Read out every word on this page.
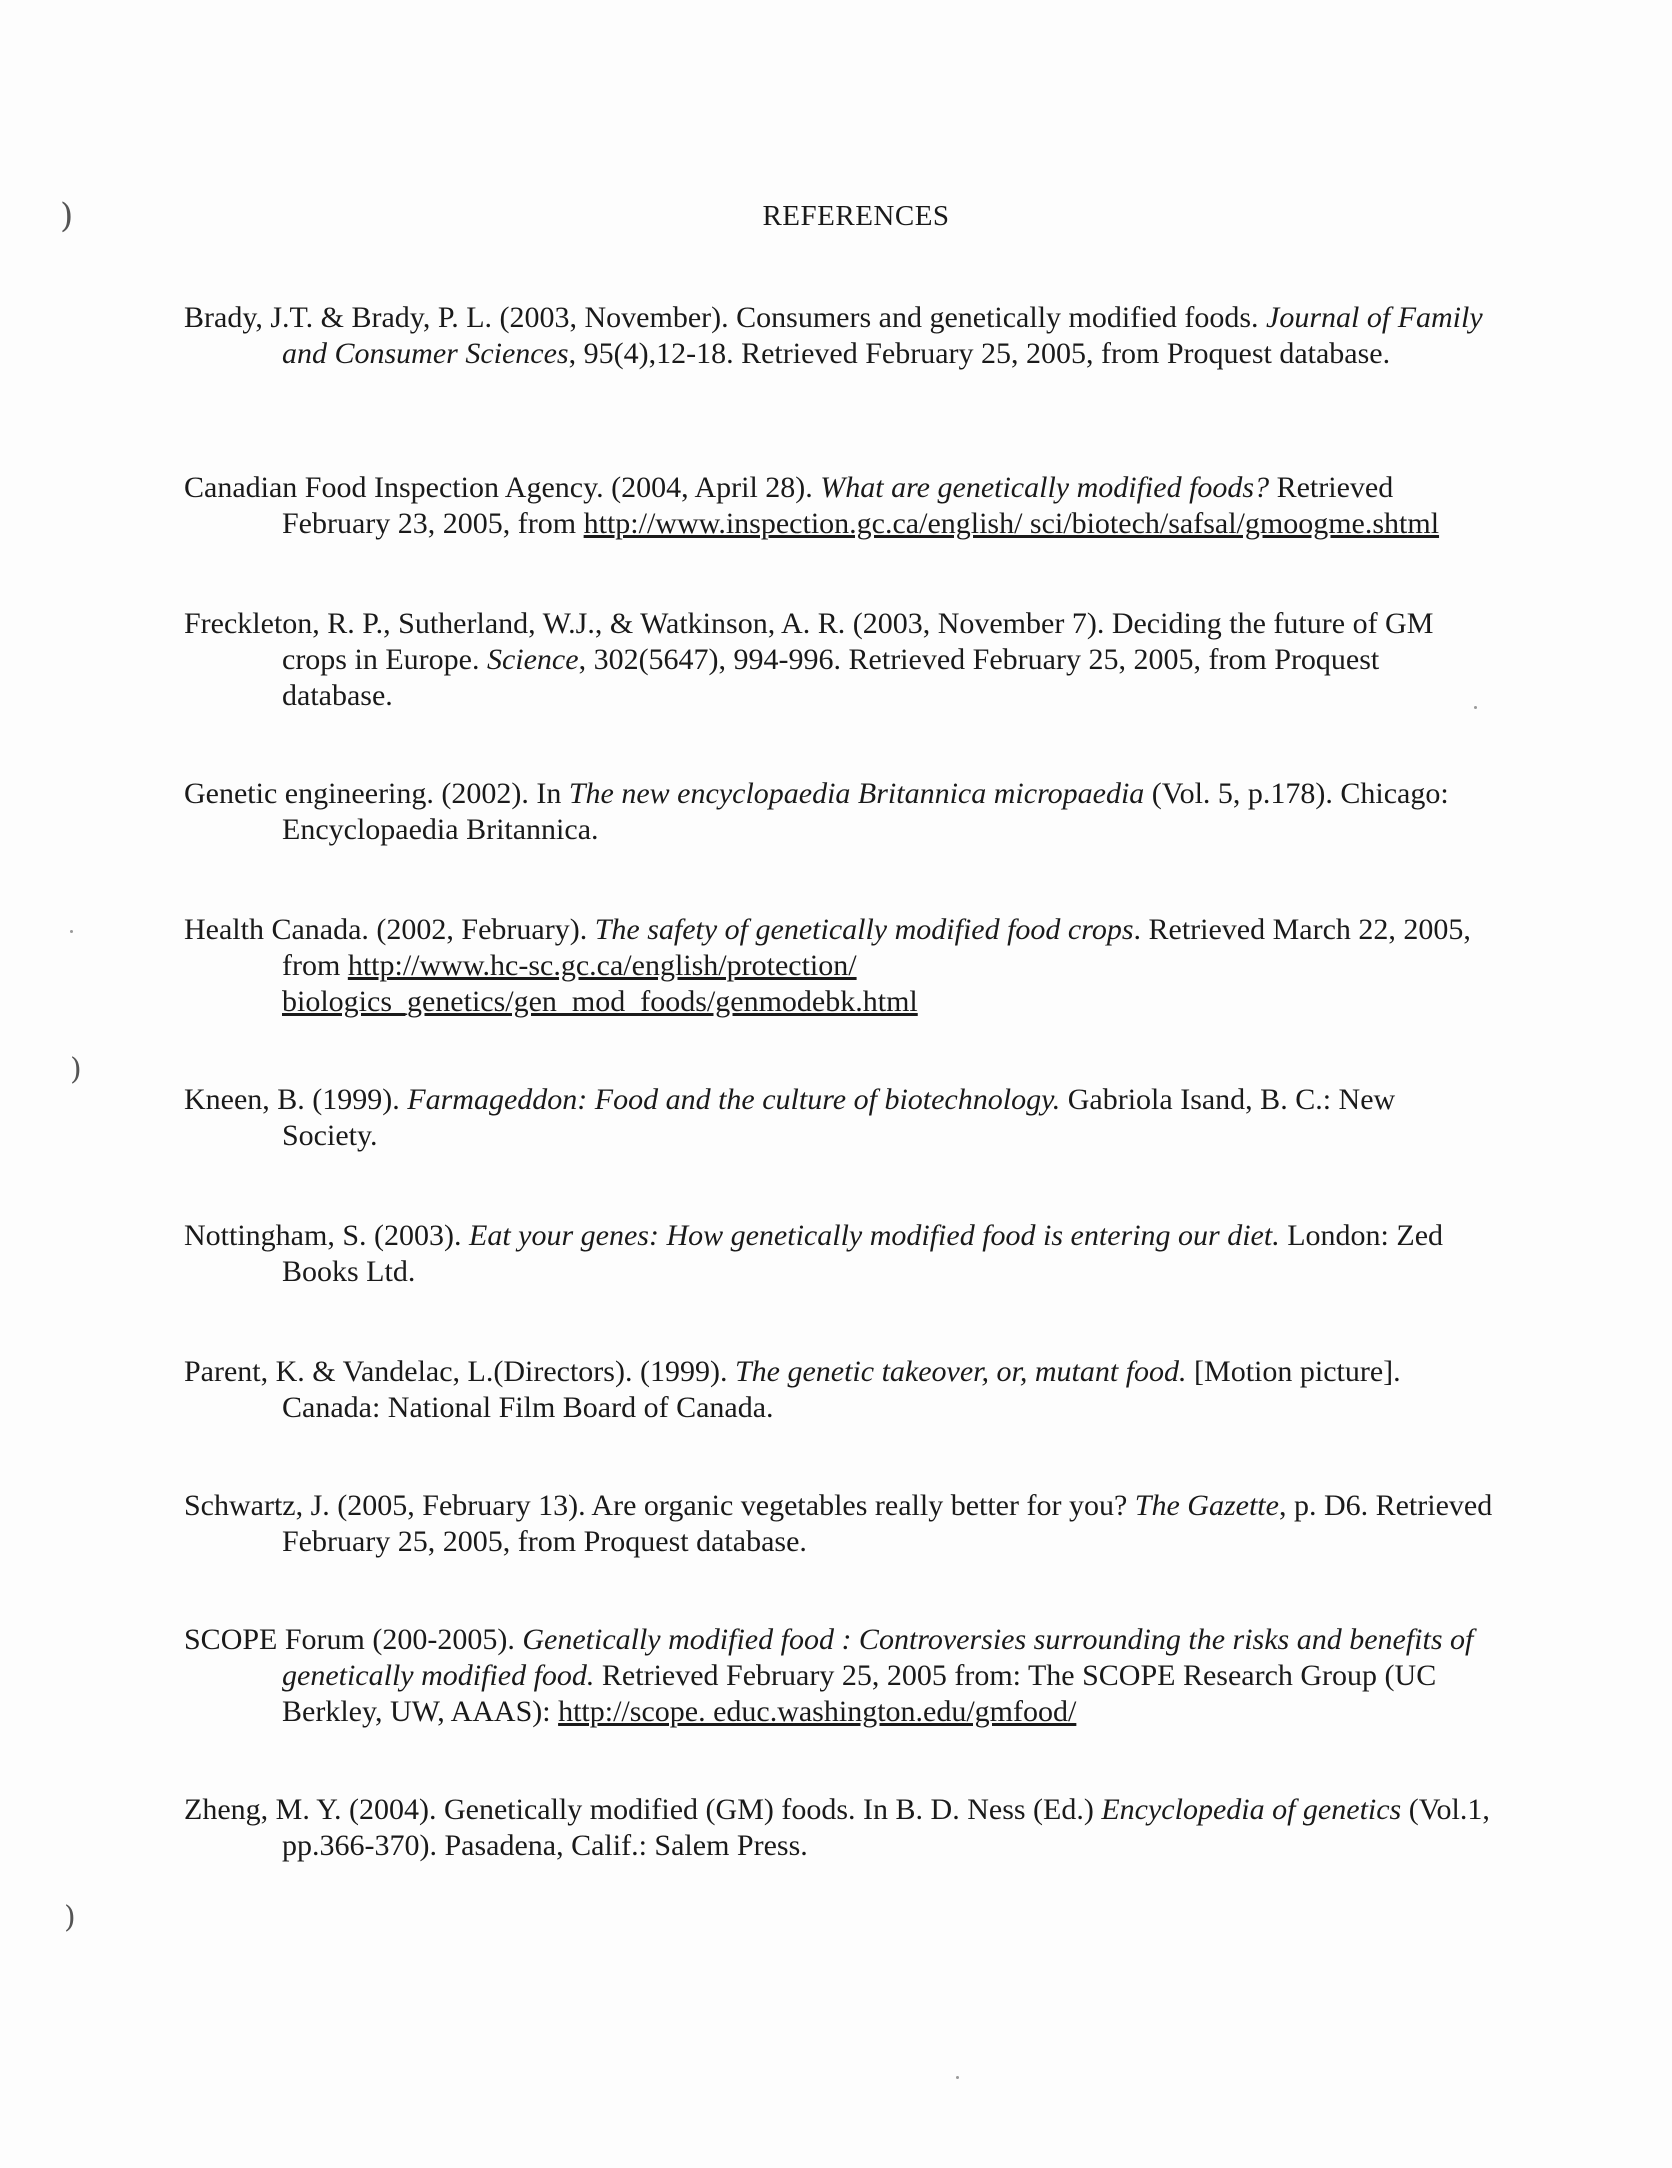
)
)
)
REFERENCES
Brady, J.T. & Brady, P. L. (2003, November). Consumers and genetically modified foods. Journal of Family and Consumer Sciences, 95(4),12-18. Retrieved February 25, 2005, from Proquest database.
Canadian Food Inspection Agency. (2004, April 28). What are genetically modified foods? Retrieved February 23, 2005, from http://www.inspection.gc.ca/english/ sci/biotech/safsal/gmoogme.shtml
Freckleton, R. P., Sutherland, W.J., & Watkinson, A. R. (2003, November 7). Deciding the future of GM crops in Europe. Science, 302(5647), 994-996. Retrieved February 25, 2005, from Proquest database.
Genetic engineering. (2002). In The new encyclopaedia Britannica micropaedia (Vol. 5, p.178). Chicago: Encyclopaedia Britannica.
Health Canada. (2002, February). The safety of genetically modified food crops. Retrieved March 22, 2005, from http://www.hc-sc.gc.ca/english/protection/ biologics_genetics/gen_mod_foods/genmodebk.html
Kneen, B. (1999). Farmageddon: Food and the culture of biotechnology. Gabriola Isand, B. C.: New Society.
Nottingham, S. (2003). Eat your genes: How genetically modified food is entering our diet. London: Zed Books Ltd.
Parent, K. & Vandelac, L.(Directors). (1999). The genetic takeover, or, mutant food. [Motion picture]. Canada: National Film Board of Canada.
Schwartz, J. (2005, February 13). Are organic vegetables really better for you? The Gazette, p. D6. Retrieved February 25, 2005, from Proquest database.
SCOPE Forum (200-2005). Genetically modified food : Controversies surrounding the risks and benefits of genetically modified food. Retrieved February 25, 2005 from: The SCOPE Research Group (UC Berkley, UW, AAAS): http://scope. educ.washington.edu/gmfood/
Zheng, M. Y. (2004). Genetically modified (GM) foods. In B. D. Ness (Ed.) Encyclopedia of genetics (Vol.1, pp.366-370). Pasadena, Calif.: Salem Press.
